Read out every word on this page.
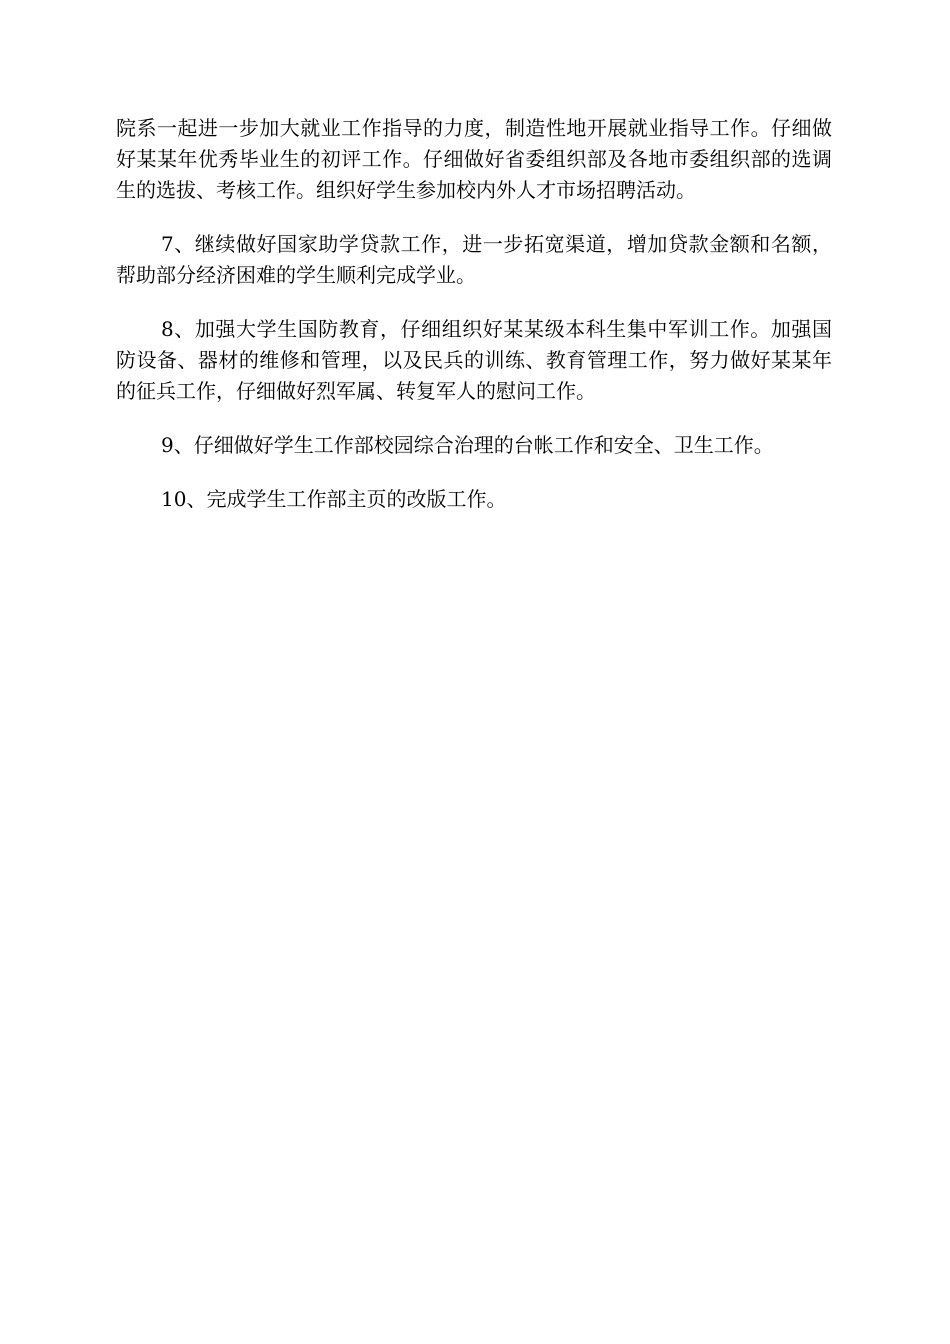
院系一起进一步加大就业工作指导的力度，制造性地开展就业指导工作。仔细做好某某年优秀毕业生的初评工作。仔细做好省委组织部及各地市委组织部的选调生的选拔、考核工作。组织好学生参加校内外人才市场招聘活动。

7、继续做好国家助学贷款工作，进一步拓宽渠道，增加贷款金额和名额，帮助部分经济困难的学生顺利完成学业。

8、加强大学生国防教育，仔细组织好某某级本科生集中军训工作。加强国防设备、器材的维修和管理，以及民兵的训练、教育管理工作，努力做好某某年的征兵工作，仔细做好烈军属、转复军人的慰问工作。

9、仔细做好学生工作部校园综合治理的台帐工作和安全、卫生工作。

10、完成学生工作部主页的改版工作。
